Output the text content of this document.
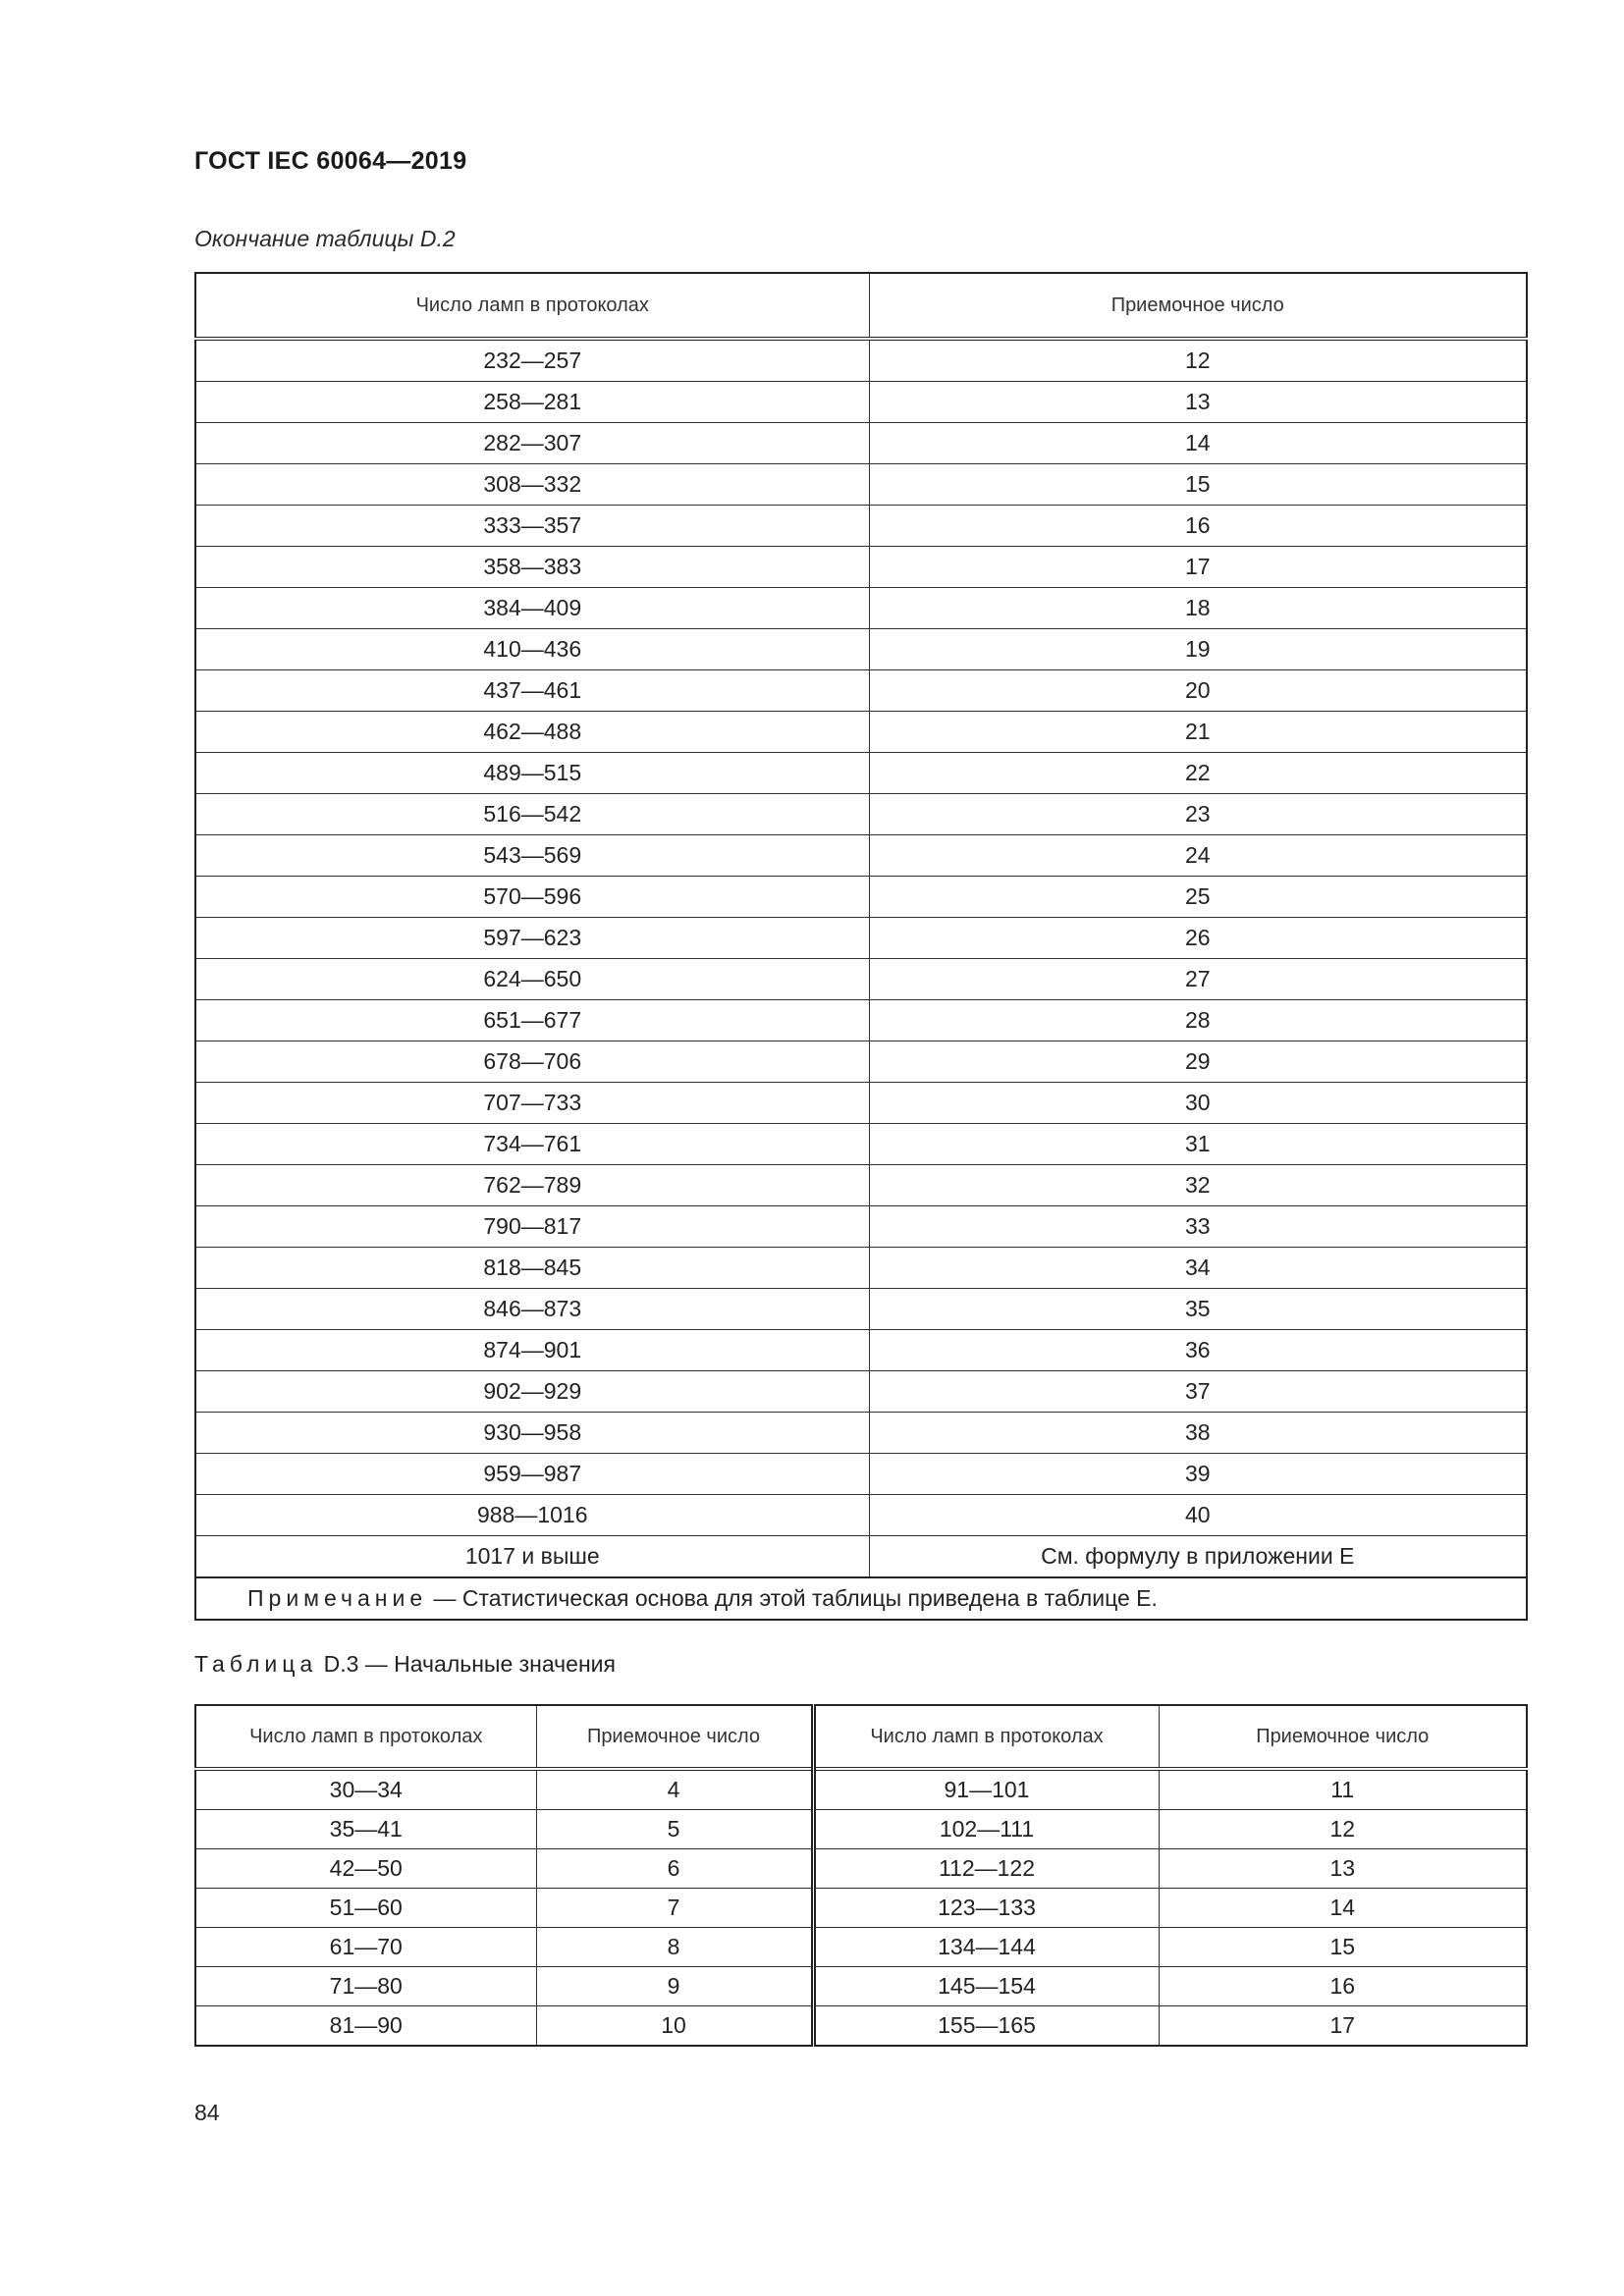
ГОСТ IEC 60064—2019
Окончание таблицы D.2
Число ламп в протоколах	Приемочное число
232—257	12
258—281	13
282—307	14
308—332	15
333—357	16
358—383	17
384—409	18
410—436	19
437—461	20
462—488	21
489—515	22
516—542	23
543—569	24
570—596	25
597—623	26
624—650	27
651—677	28
678—706	29
707—733	30
734—761	31
762—789	32
790—817	33
818—845	34
846—873	35
874—901	36
902—929	37
930—958	38
959—987	39
988—1016	40
1017 и выше	См. формулу в приложении E
Примечание — Статистическая основа для этой таблицы приведена в таблице E.	
Таблица D.3 — Начальные значения
Число ламп в протоколах	Приемочное число	Число ламп в протоколах	Приемочное число
30—34	4	91—101	11
35—41	5	102—111	12
42—50	6	112—122	13
51—60	7	123—133	14
61—70	8	134—144	15
71—80	9	145—154	16
81—90	10	155—165	17
84
